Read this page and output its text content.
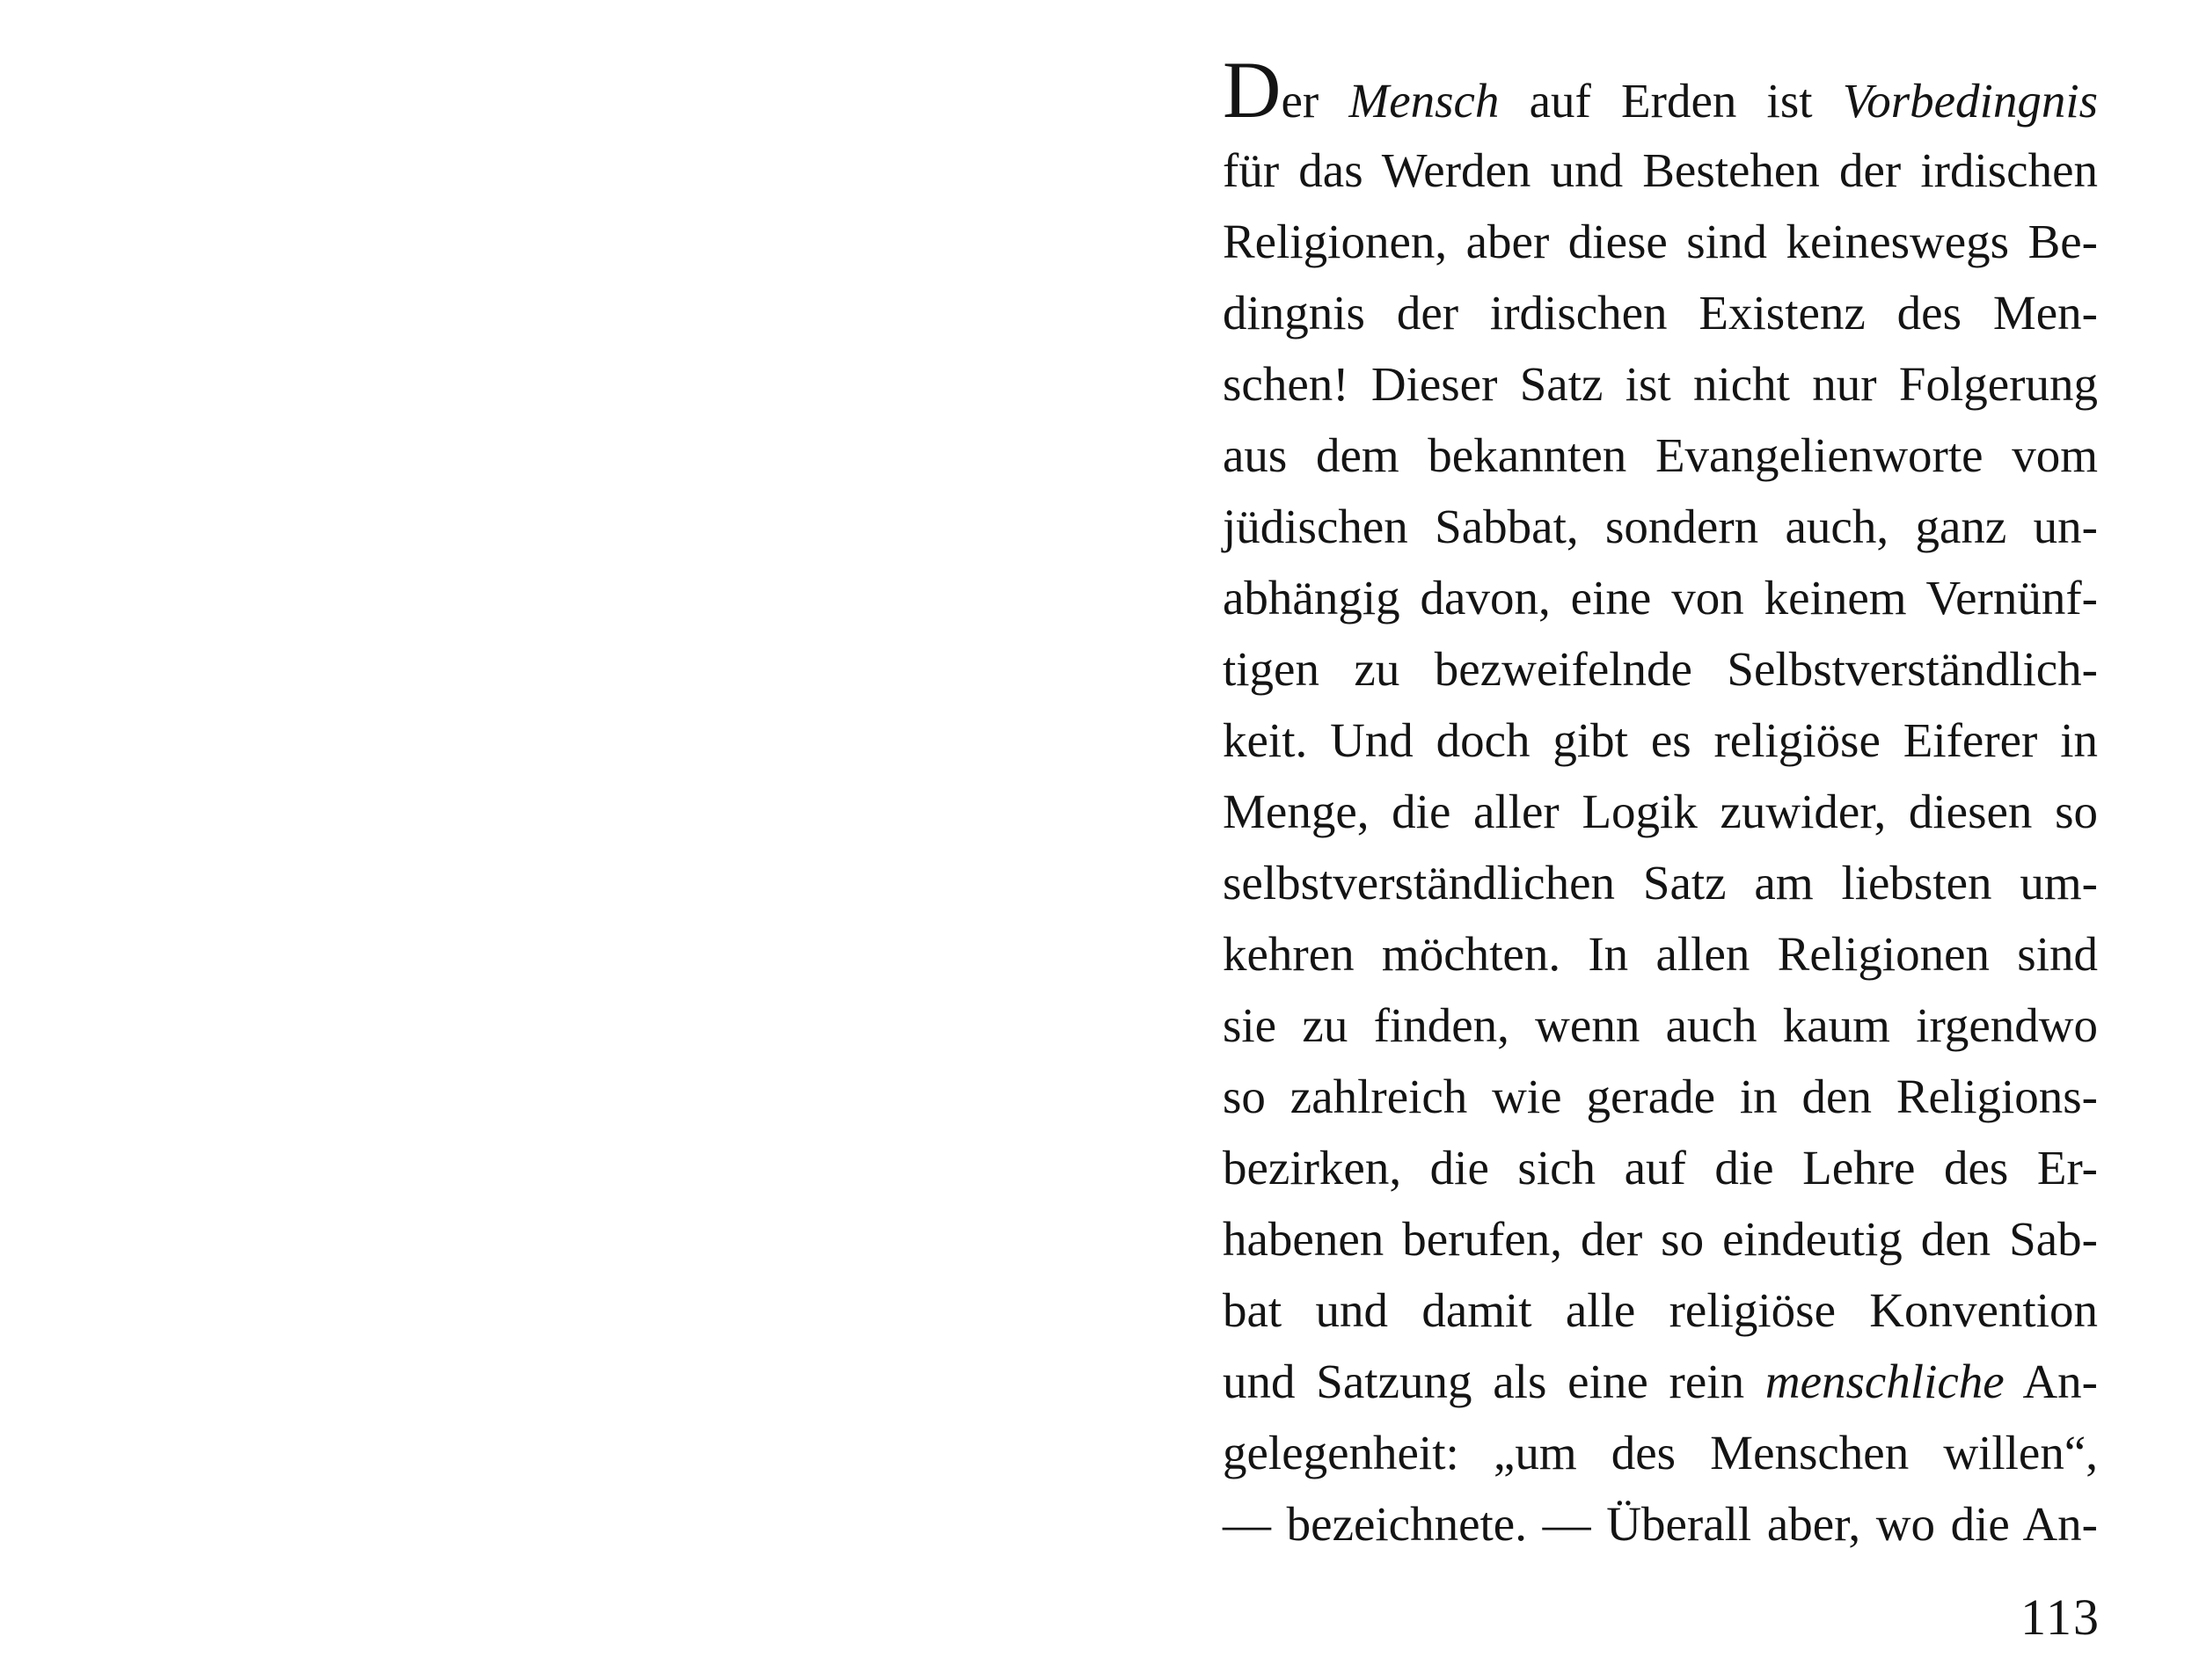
Der Mensch auf Erden ist Vorbedingnis
für das Werden und Bestehen der irdischen
Religionen, aber diese sind keineswegs Be-
dingnis der irdischen Existenz des Men-
schen! Dieser Satz ist nicht nur Folgerung
aus dem bekannten Evangelienworte vom
jüdischen Sabbat, sondern auch, ganz un-
abhängig davon, eine von keinem Vernünf-
tigen zu bezweifelnde Selbstverständlich-
keit. Und doch gibt es religiöse Eiferer in
Menge, die aller Logik zuwider, diesen so
selbstverständlichen Satz am liebsten um-
kehren möchten. In allen Religionen sind
sie zu finden, wenn auch kaum irgendwo
so zahlreich wie gerade in den Religions-
bezirken, die sich auf die Lehre des Er-
habenen berufen, der so eindeutig den Sab-
bat und damit alle religiöse Konvention
und Satzung als eine rein menschliche An-
gelegenheit: „um des Menschen willen“,
— bezeichnete. — Überall aber, wo die An-
113
